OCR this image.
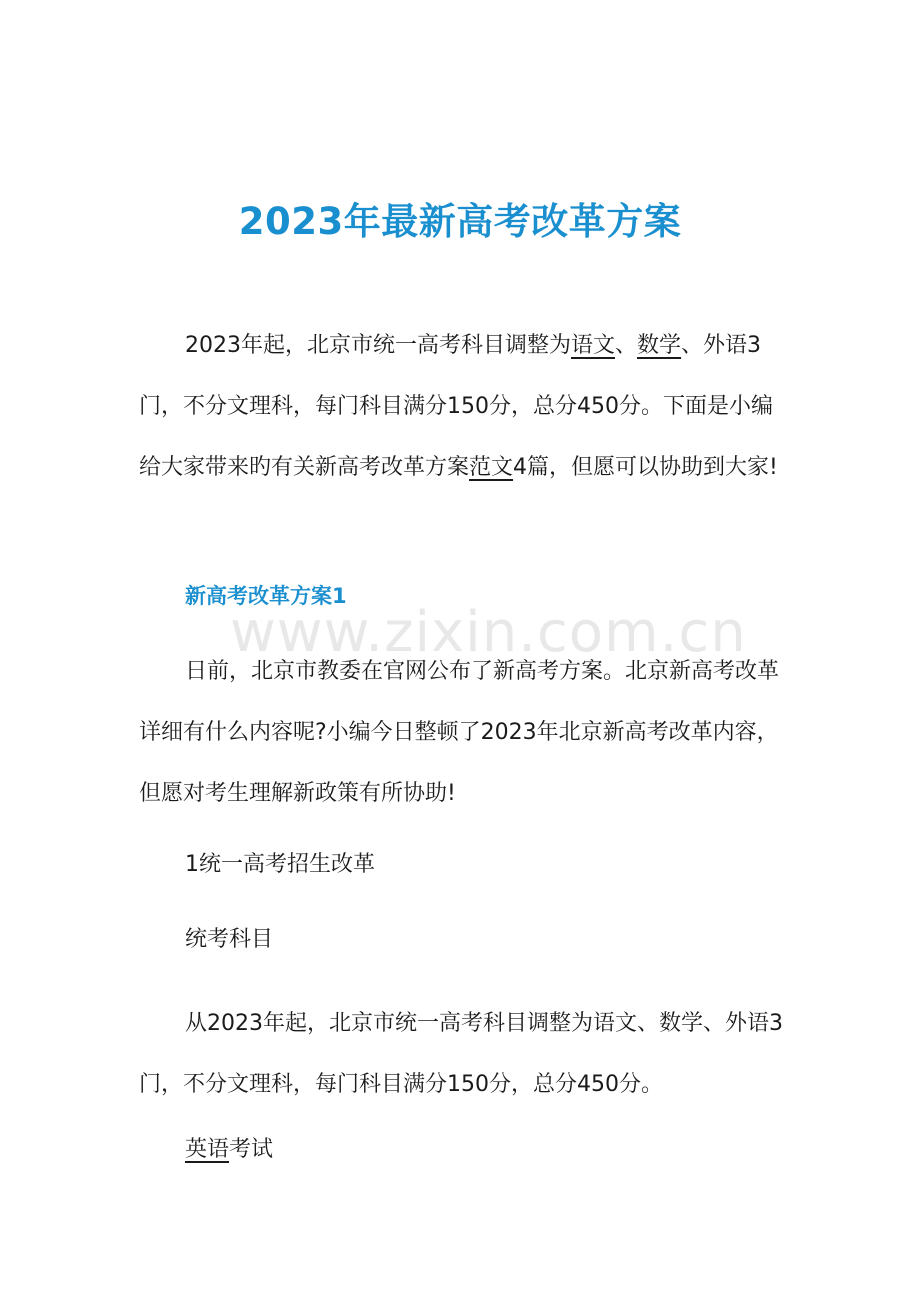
2023年最新高考改革方案

2023年起，北京市统一高考科目调整为语文、数学、外语3门，不分文理科，每门科目满分150分，总分450分。下面是小编给大家带来旳有关新高考改革方案范文4篇，但愿可以协助到大家!

新高考改革方案1
www.zixin.com.cn

日前，北京市教委在官网公布了新高考方案。北京新高考改革详细有什么内容呢?小编今日整顿了2023年北京新高考改革内容，但愿对考生理解新政策有所协助!

1统一高考招生改革
统考科目

从2023年起，北京市统一高考科目调整为语文、数学、外语3门，不分文理科，每门科目满分150分，总分450分。

英语考试
